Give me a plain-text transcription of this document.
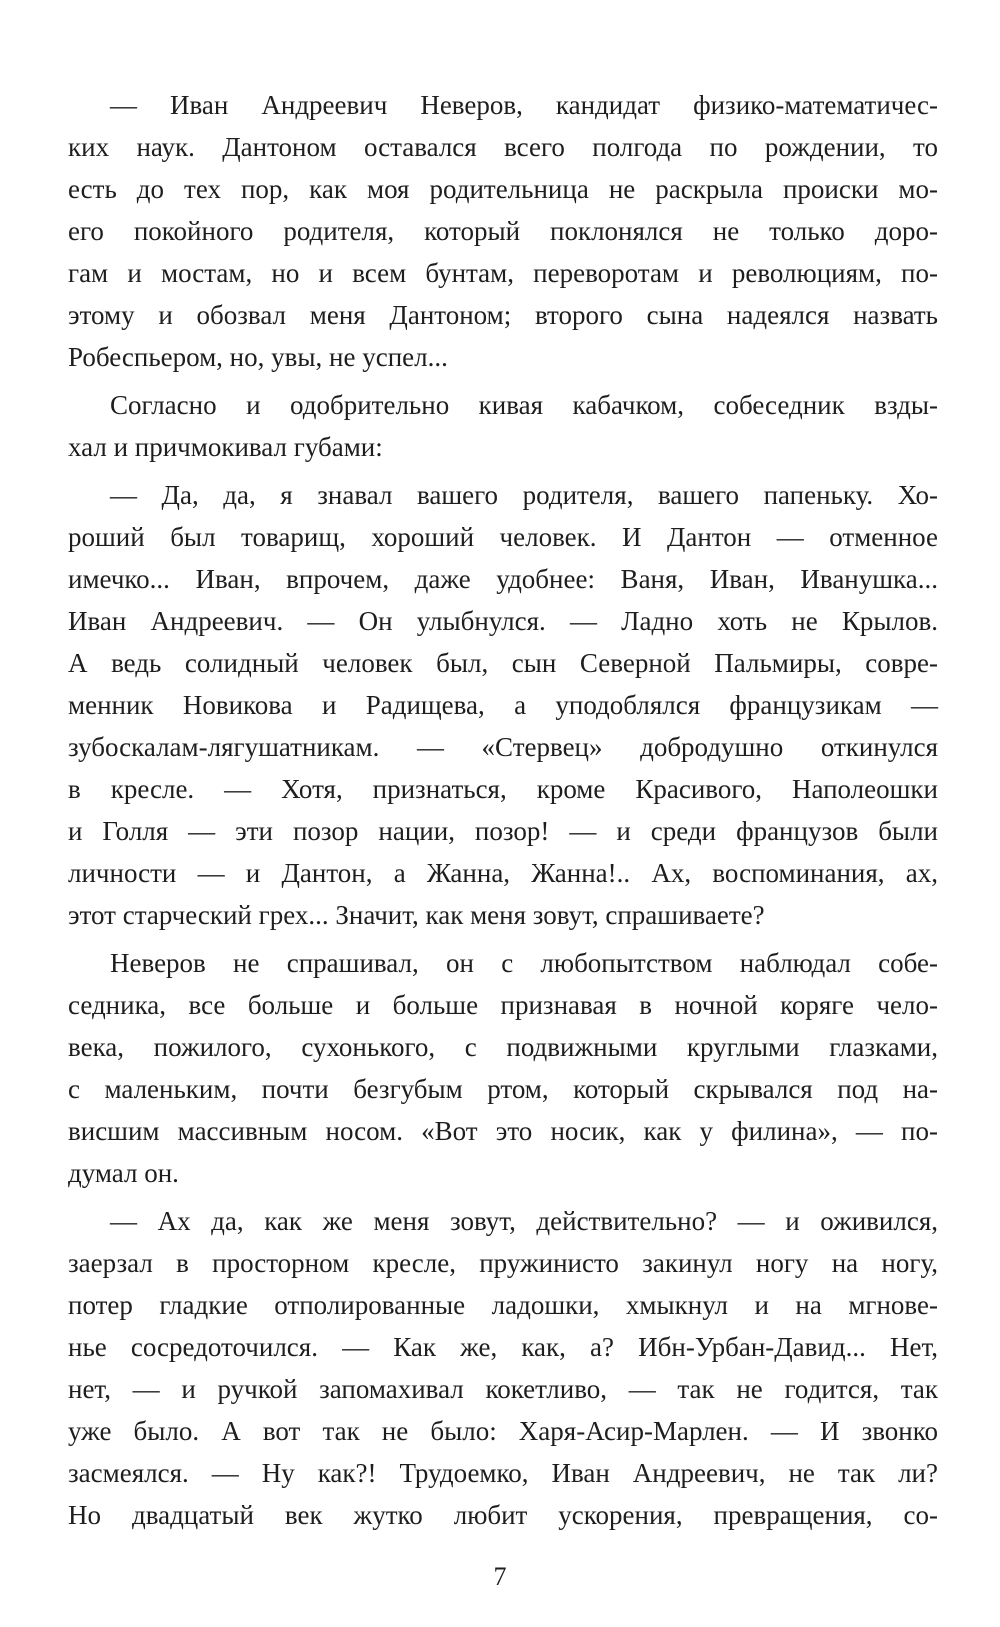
— Иван Андреевич Неверов, кандидат физико-математичес-
ких наук. Дантоном оставался всего полгода по рождении, то
есть до тех пор, как моя родительница не раскрыла происки мо-
его покойного родителя, который поклонялся не только доро-
гам и мостам, но и всем бунтам, переворотам и революциям, по-
этому и обозвал меня Дантоном; второго сына надеялся назвать
Робеспьером, но, увы, не успел...
Согласно и одобрительно кивая кабачком, собеседник взды-
хал и причмокивал губами:
— Да, да, я знавал вашего родителя, вашего папеньку. Хо-
роший был товарищ, хороший человек. И Дантон — отменное
имечко... Иван, впрочем, даже удобнее: Ваня, Иван, Иванушка...
Иван Андреевич. — Он улыбнулся. — Ладно хоть не Крылов.
А ведь солидный человек был, сын Северной Пальмиры, совре-
менник Новикова и Радищева, а уподоблялся французикам —
зубоскалам-лягушатникам. — «Стервец» добродушно откинулся
в кресле. — Хотя, признаться, кроме Красивого, Наполеошки
и Голля — эти позор нации, позор! — и среди французов были
личности — и Дантон, а Жанна, Жанна!.. Ах, воспоминания, ах,
этот старческий грех... Значит, как меня зовут, спрашиваете?
Неверов не спрашивал, он с любопытством наблюдал собе-
седника, все больше и больше признавая в ночной коряге чело-
века, пожилого, сухонького, с подвижными круглыми глазками,
с маленьким, почти безгубым ртом, который скрывался под на-
висшим массивным носом. «Вот это носик, как у филина», — по-
думал он.
— Ах да, как же меня зовут, действительно? — и оживился,
заерзал в просторном кресле, пружинисто закинул ногу на ногу,
потер гладкие отполированные ладошки, хмыкнул и на мгнове-
нье сосредоточился. — Как же, как, а? Ибн-Урбан-Давид... Нет,
нет, — и ручкой запомахивал кокетливо, — так не годится, так
уже было. А вот так не было: Харя-Асир-Марлен. — И звонко
засмеялся. — Ну как?! Трудоемко, Иван Андреевич, не так ли?
Но двадцатый век жутко любит ускорения, превращения, со-
7
